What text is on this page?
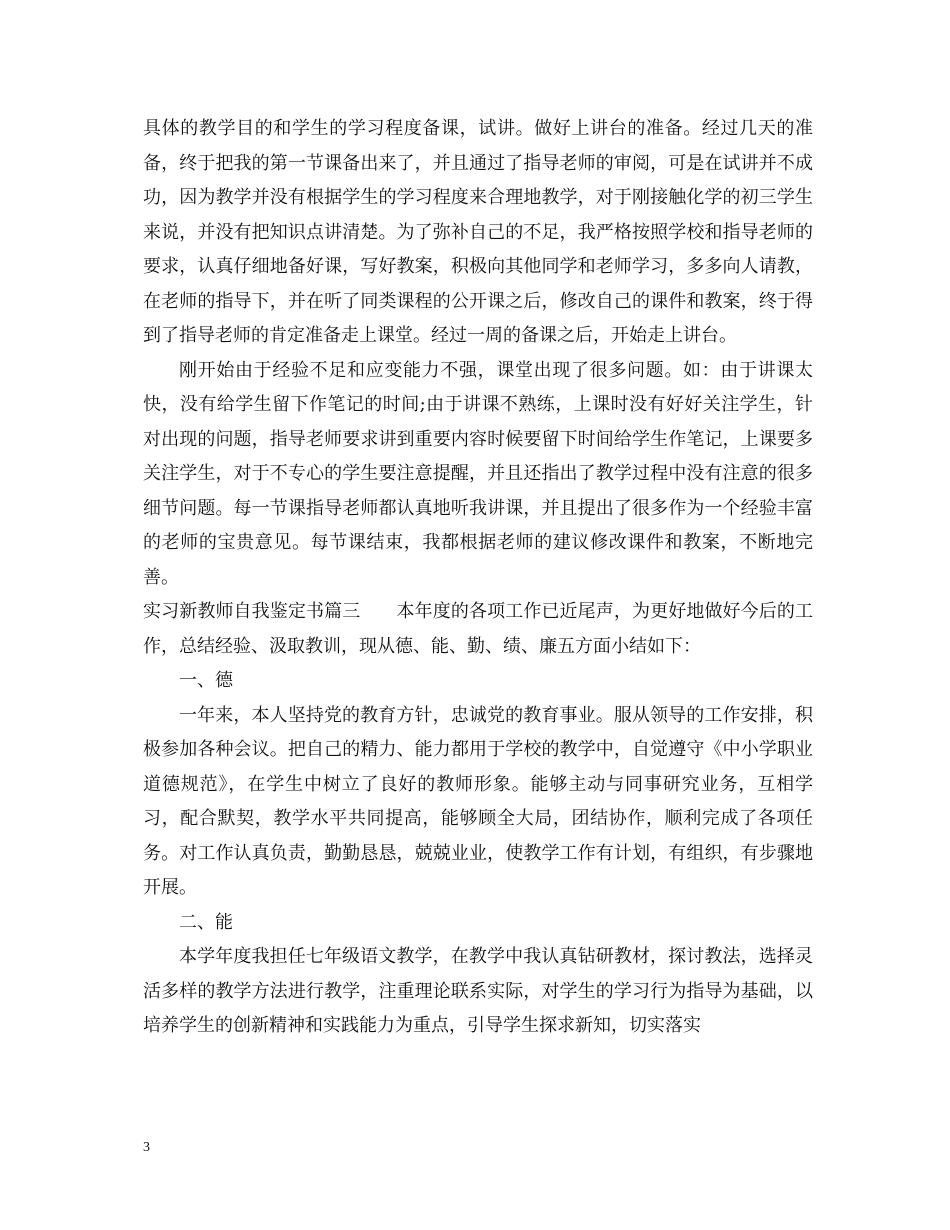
具体的教学目的和学生的学习程度备课，试讲。做好上讲台的准备。经过几天的准备，终于把我的第一节课备出来了，并且通过了指导老师的审阅，可是在试讲并不成功，因为教学并没有根据学生的学习程度来合理地教学，对于刚接触化学的初三学生来说，并没有把知识点讲清楚。为了弥补自己的不足，我严格按照学校和指导老师的要求，认真仔细地备好课，写好教案，积极向其他同学和老师学习，多多向人请教，在老师的指导下，并在听了同类课程的公开课之后，修改自己的课件和教案，终于得到了指导老师的肯定准备走上课堂。经过一周的备课之后，开始走上讲台。

刚开始由于经验不足和应变能力不强，课堂出现了很多问题。如：由于讲课太快，没有给学生留下作笔记的时间;由于讲课不熟练，上课时没有好好关注学生，针对出现的问题，指导老师要求讲到重要内容时候要留下时间给学生作笔记，上课要多关注学生，对于不专心的学生要注意提醒，并且还指出了教学过程中没有注意的很多细节问题。每一节课指导老师都认真地听我讲课，并且提出了很多作为一个经验丰富的老师的宝贵意见。每节课结束，我都根据老师的建议修改课件和教案，不断地完善。

实习新教师自我鉴定书篇三　　本年度的各项工作已近尾声，为更好地做好今后的工作，总结经验、汲取教训，现从德、能、勤、绩、廉五方面小结如下：

一、德

一年来，本人坚持党的教育方针，忠诚党的教育事业。服从领导的工作安排，积极参加各种会议。把自己的精力、能力都用于学校的教学中，自觉遵守《中小学职业道德规范》，在学生中树立了良好的教师形象。能够主动与同事研究业务，互相学习，配合默契，教学水平共同提高，能够顾全大局，团结协作，顺利完成了各项任务。对工作认真负责，勤勤恳恳，兢兢业业，使教学工作有计划，有组织，有步骤地开展。

二、能

本学年度我担任七年级语文教学，在教学中我认真钻研教材，探讨教法，选择灵活多样的教学方法进行教学，注重理论联系实际，对学生的学习行为指导为基础，以培养学生的创新精神和实践能力为重点，引导学生探求新知，切实落实

3
